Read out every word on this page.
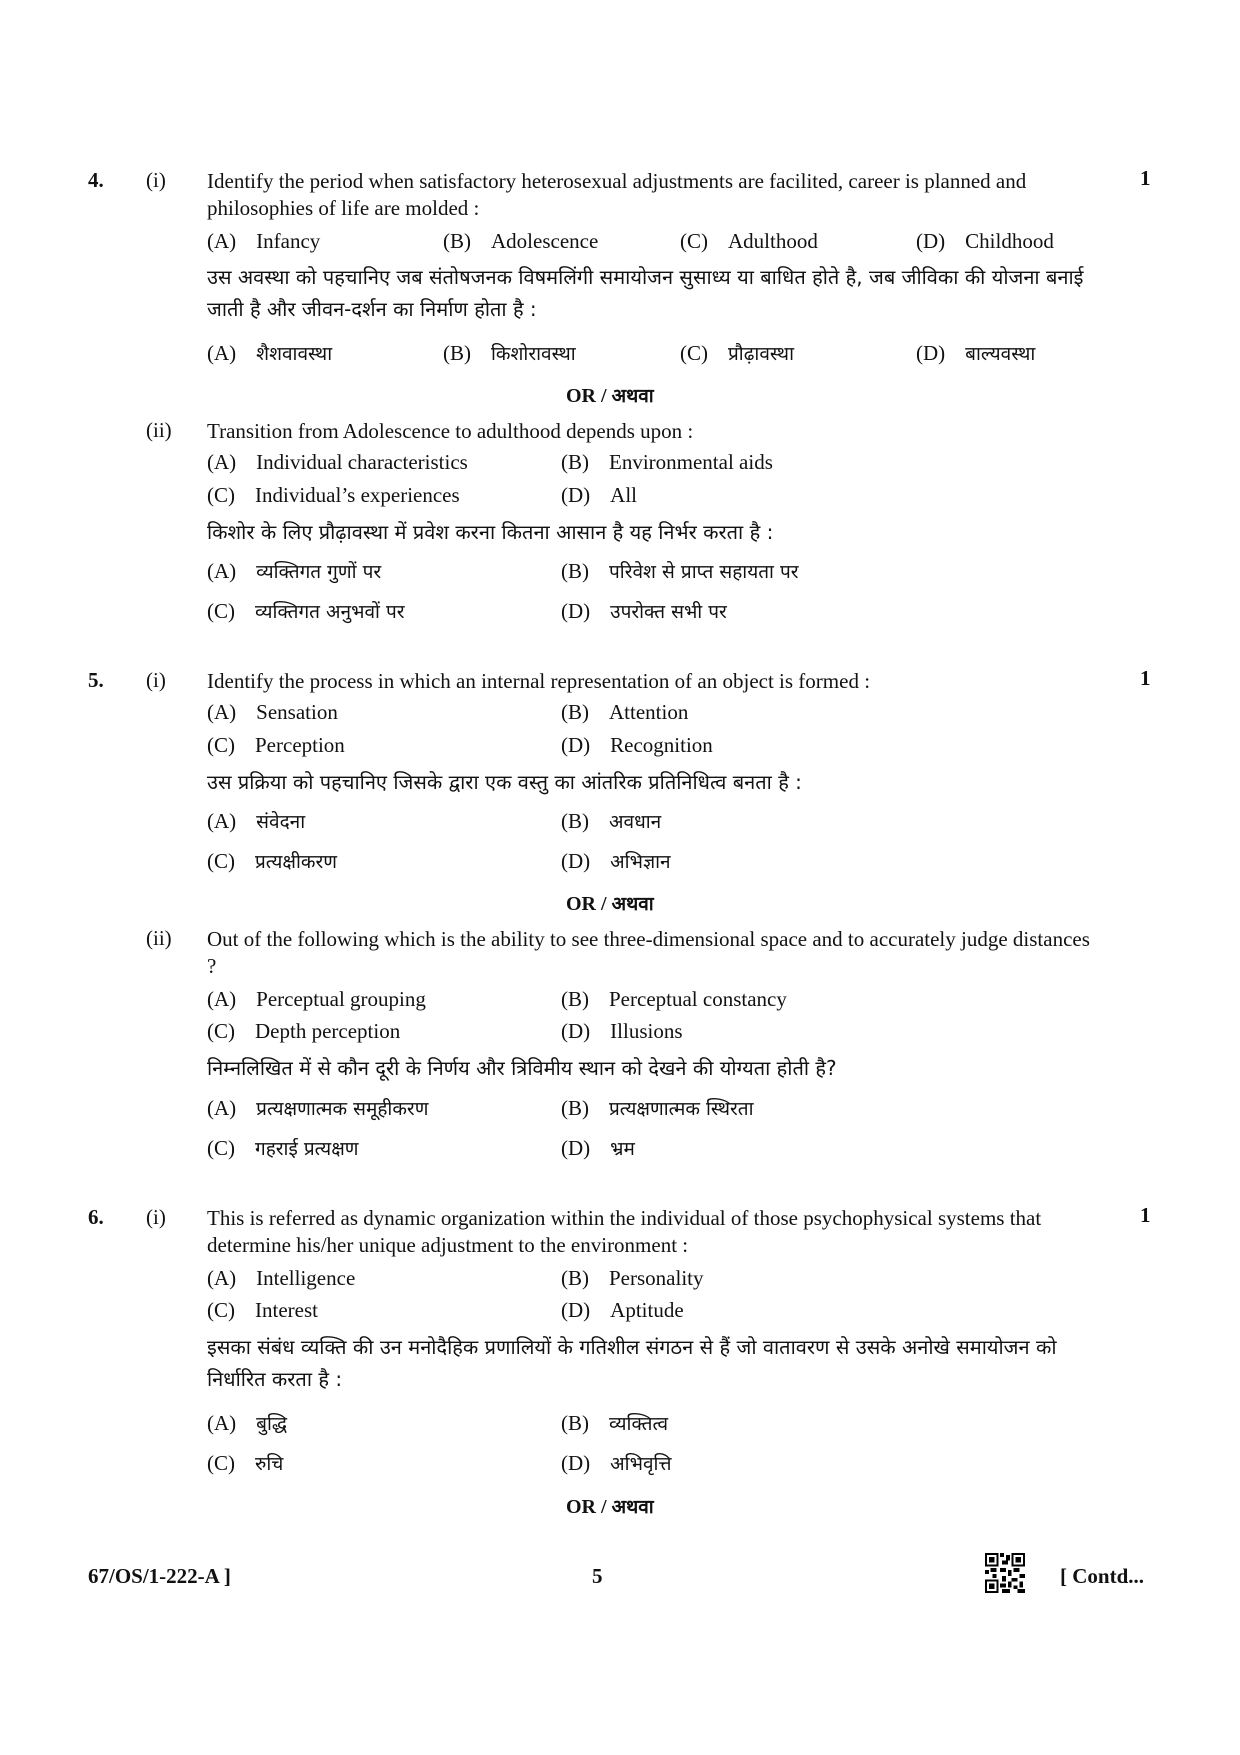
4. (i)	1
Identify the period when satisfactory heterosexual adjustments are facilited, career is planned and philosophies of life are molded :
(A) Infancy	(B) Adolescence	(C) Adulthood	(D) Childhood
उस अवस्था को पहचानिए जब संतोषजनक विषमलिंगी समायोजन सुसाध्य या बाधित होते है, जब जीविका की योजना बनाई जाती है और जीवन-दर्शन का निर्माण होता है :
(A) शैशवावस्था	(B) किशोरावस्था	(C) प्रौढ़ावस्था	(D) बाल्यवस्था
OR / अथवा
(ii) Transition from Adolescence to adulthood depends upon :
(A) Individual characteristics	(B) Environmental aids
(C) Individual’s experiences	(D) All
किशोर के लिए प्रौढ़ावस्था में प्रवेश करना कितना आसान है यह निर्भर करता है :
(A) व्यक्तिगत गुणों पर	(B) परिवेश से प्राप्त सहायता पर
(C) व्यक्तिगत अनुभवों पर	(D) उपरोक्त सभी पर
5. (i)	1
Identify the process in which an internal representation of an object is formed :
(A) Sensation	(B) Attention
(C) Perception	(D) Recognition
उस प्रक्रिया को पहचानिए जिसके द्वारा एक वस्तु का आंतरिक प्रतिनिधित्व बनता है :
(A) संवेदना	(B) अवधान
(C) प्रत्यक्षीकरण	(D) अभिज्ञान
OR / अथवा
(ii) Out of the following which is the ability to see three-dimensional space and to accurately judge distances ?
(A) Perceptual grouping	(B) Perceptual constancy
(C) Depth perception	(D) Illusions
निम्नलिखित में से कौन दूरी के निर्णय और त्रिविमीय स्थान को देखने की योग्यता होती है?
(A) प्रत्यक्षणात्मक समूहीकरण	(B) प्रत्यक्षणात्मक स्थिरता
(C) गहराई प्रत्यक्षण	(D) भ्रम
6. (i)	1
This is referred as dynamic organization within the individual of those psychophysical systems that determine his/her unique adjustment to the environment :
(A) Intelligence	(B) Personality
(C) Interest	(D) Aptitude
इसका संबंध व्यक्ति की उन मनोदैहिक प्रणालियों के गतिशील संगठन से हैं जो वातावरण से उसके अनोखे समायोजन को निर्धारित करता है :
(A) बुद्धि	(B) व्यक्तित्व
(C) रुचि	(D) अभिवृत्ति
OR / अथवा
67/OS/1-222-A ]	5	[ Contd...
